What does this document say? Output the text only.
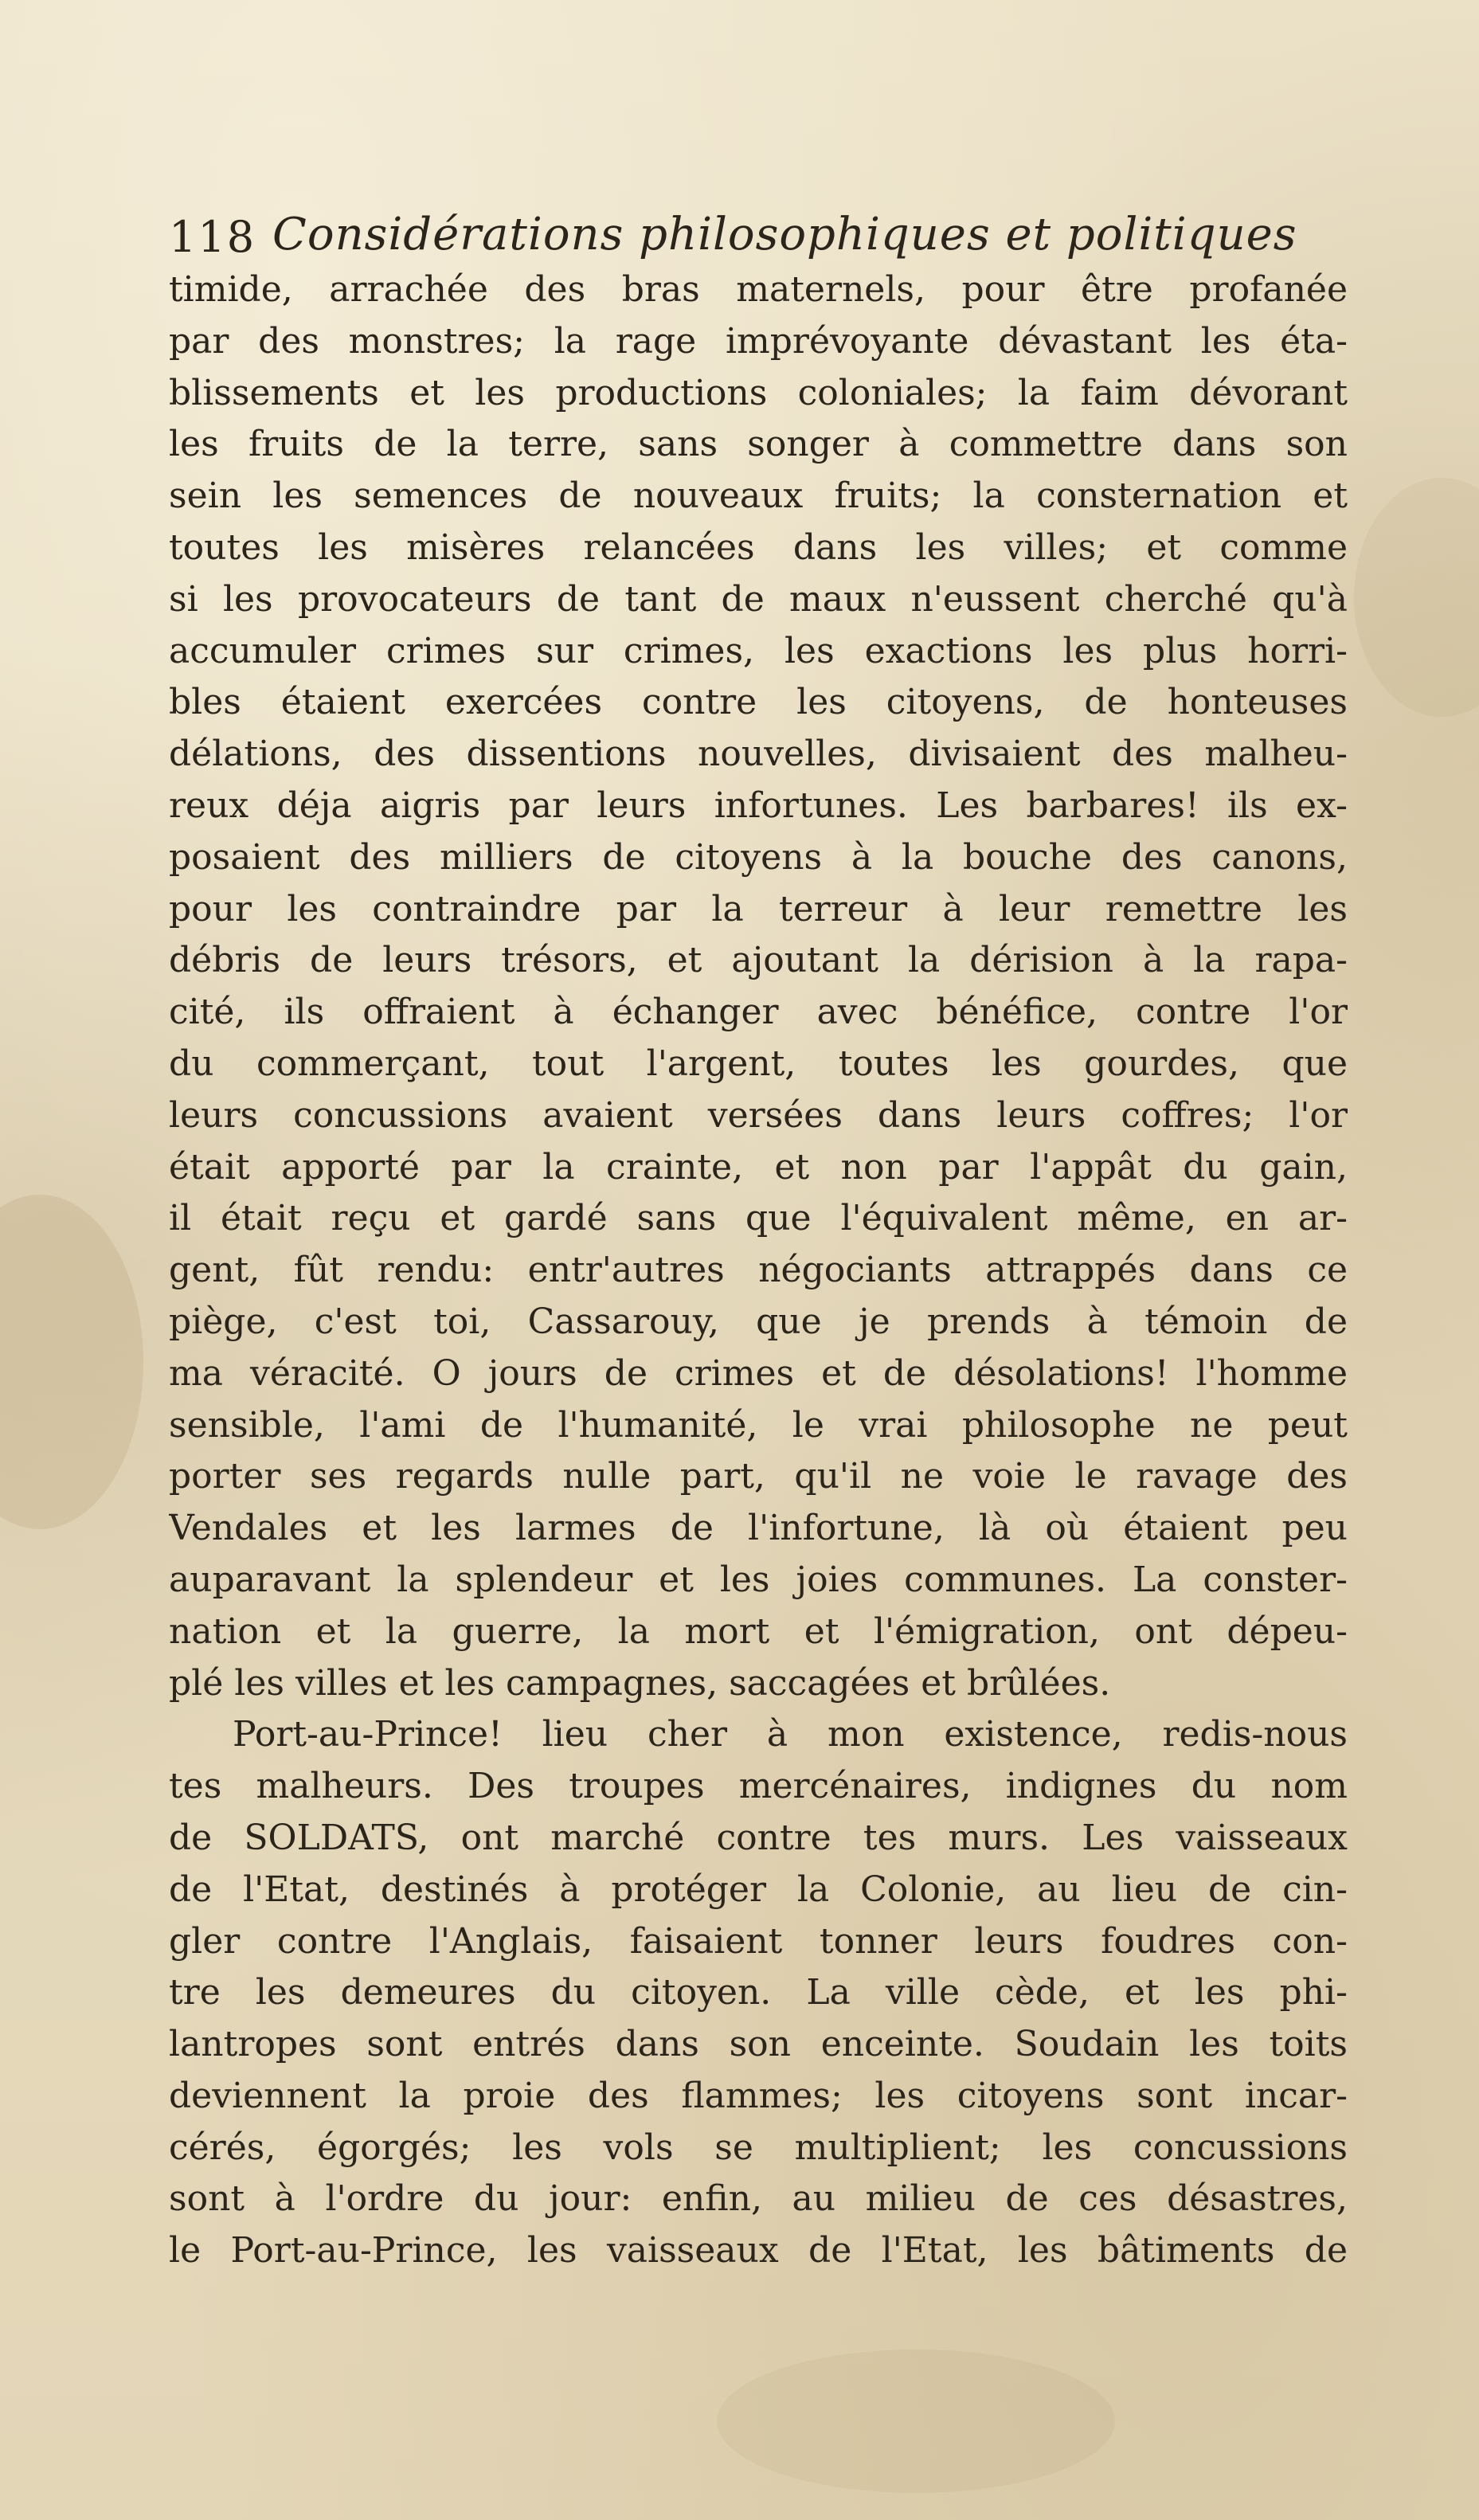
118 Considérations philosophiques et politiques
timide, arrachée des bras maternels, pour être profanée
par des monstres; la rage imprévoyante dévastant les éta-
blissements et les productions coloniales; la faim dévorant
les fruits de la terre, sans songer à commettre dans son
sein les semences de nouveaux fruits; la consternation et
toutes les misères relancées dans les villes; et comme
si les provocateurs de tant de maux n'eussent cherché qu'à
accumuler crimes sur crimes, les exactions les plus horri-
bles étaient exercées contre les citoyens, de honteuses
délations, des dissentions nouvelles, divisaient des malheu-
reux déja aigris par leurs infortunes. Les barbares! ils ex-
posaient des milliers de citoyens à la bouche des canons,
pour les contraindre par la terreur à leur remettre les
débris de leurs trésors, et ajoutant la dérision à la rapa-
cité, ils offraient à échanger avec bénéfice, contre l'or
du commerçant, tout l'argent, toutes les gourdes, que
leurs concussions avaient versées dans leurs coffres; l'or
était apporté par la crainte, et non par l'appât du gain,
il était reçu et gardé sans que l'équivalent même, en ar-
gent, fût rendu: entr'autres négociants attrappés dans ce
piège, c'est toi, Cassarouy, que je prends à témoin de
ma véracité. O jours de crimes et de désolations! l'homme
sensible, l'ami de l'humanité, le vrai philosophe ne peut
porter ses regards nulle part, qu'il ne voie le ravage des
Vendales et les larmes de l'infortune, là où étaient peu
auparavant la splendeur et les joies communes. La conster-
nation et la guerre, la mort et l'émigration, ont dépeu-
plé les villes et les campagnes, saccagées et brûlées.
Port-au-Prince! lieu cher à mon existence, redis-nous
tes malheurs. Des troupes mercénaires, indignes du nom
de SOLDATS, ont marché contre tes murs. Les vaisseaux
de l'Etat, destinés à protéger la Colonie, au lieu de cin-
gler contre l'Anglais, faisaient tonner leurs foudres con-
tre les demeures du citoyen. La ville cède, et les phi-
lantropes sont entrés dans son enceinte. Soudain les toits
deviennent la proie des flammes; les citoyens sont incar-
cérés, égorgés; les vols se multiplient; les concussions
sont à l'ordre du jour: enfin, au milieu de ces désastres,
le Port-au-Prince, les vaisseaux de l'Etat, les bâtiments de
